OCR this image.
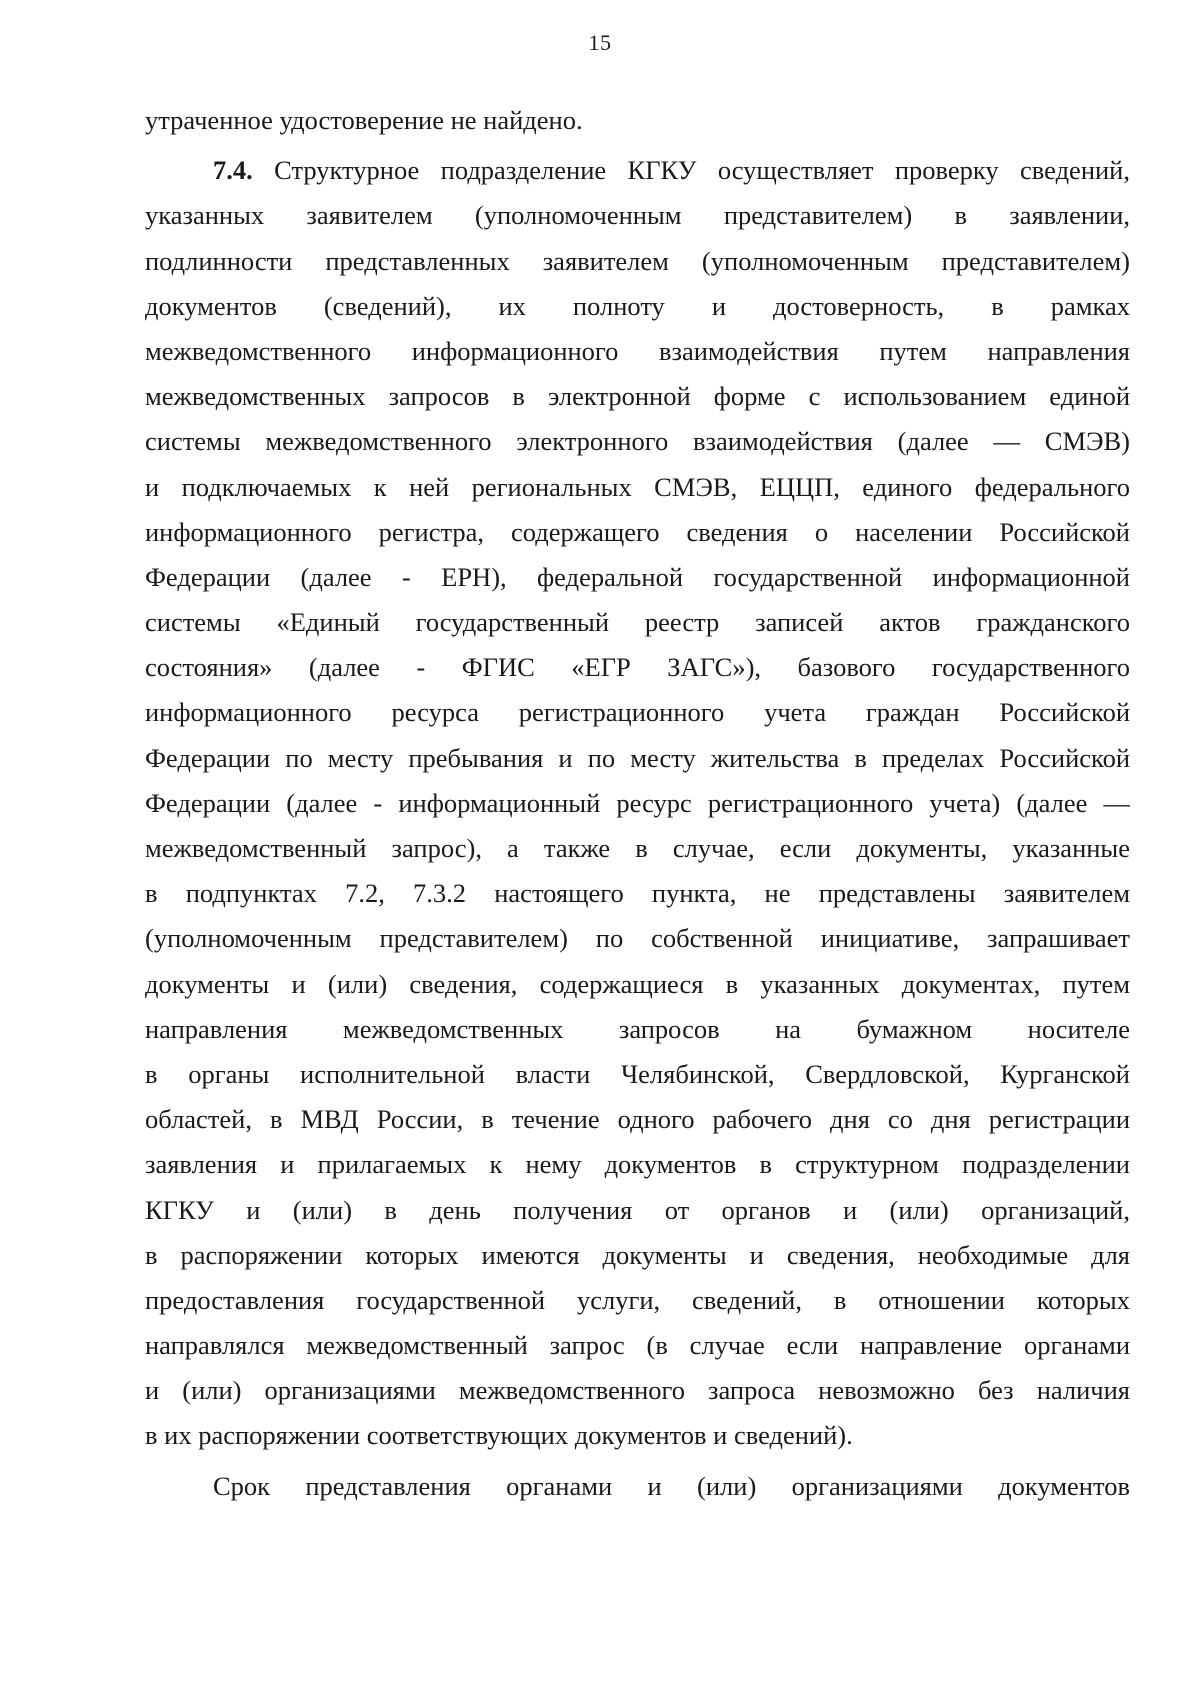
15
утраченное удостоверение не найдено.
7.4. Структурное подразделение КГКУ осуществляет проверку сведений,
указанных заявителем (уполномоченным представителем) в заявлении,
подлинности представленных заявителем (уполномоченным представителем)
документов (сведений), их полноту и достоверность, в рамках
межведомственного информационного взаимодействия путем направления
межведомственных запросов в электронной форме с использованием единой
системы межведомственного электронного взаимодействия (далее — СМЭВ)
и подключаемых к ней региональных СМЭВ, ЕЦЦП, единого федерального
информационного регистра, содержащего сведения о населении Российской
Федерации (далее - ЕРН), федеральной государственной информационной
системы «Единый государственный реестр записей актов гражданского
состояния» (далее - ФГИС «ЕГР ЗАГС»), базового государственного
информационного ресурса регистрационного учета граждан Российской
Федерации по месту пребывания и по месту жительства в пределах Российской
Федерации (далее - информационный ресурс регистрационного учета) (далее —
межведомственный запрос), а также в случае, если документы, указанные
в подпунктах 7.2, 7.3.2 настоящего пункта, не представлены заявителем
(уполномоченным представителем) по собственной инициативе, запрашивает
документы и (или) сведения, содержащиеся в указанных документах, путем
направления межведомственных запросов на бумажном носителе
в органы исполнительной власти Челябинской, Свердловской, Курганской
областей, в МВД России, в течение одного рабочего дня со дня регистрации
заявления и прилагаемых к нему документов в структурном подразделении
КГКУ и (или) в день получения от органов и (или) организаций,
в распоряжении которых имеются документы и сведения, необходимые для
предоставления государственной услуги, сведений, в отношении которых
направлялся межведомственный запрос (в случае если направление органами
и (или) организациями межведомственного запроса невозможно без наличия
в их распоряжении соответствующих документов и сведений).
Срок представления органами и (или) организациями документов
